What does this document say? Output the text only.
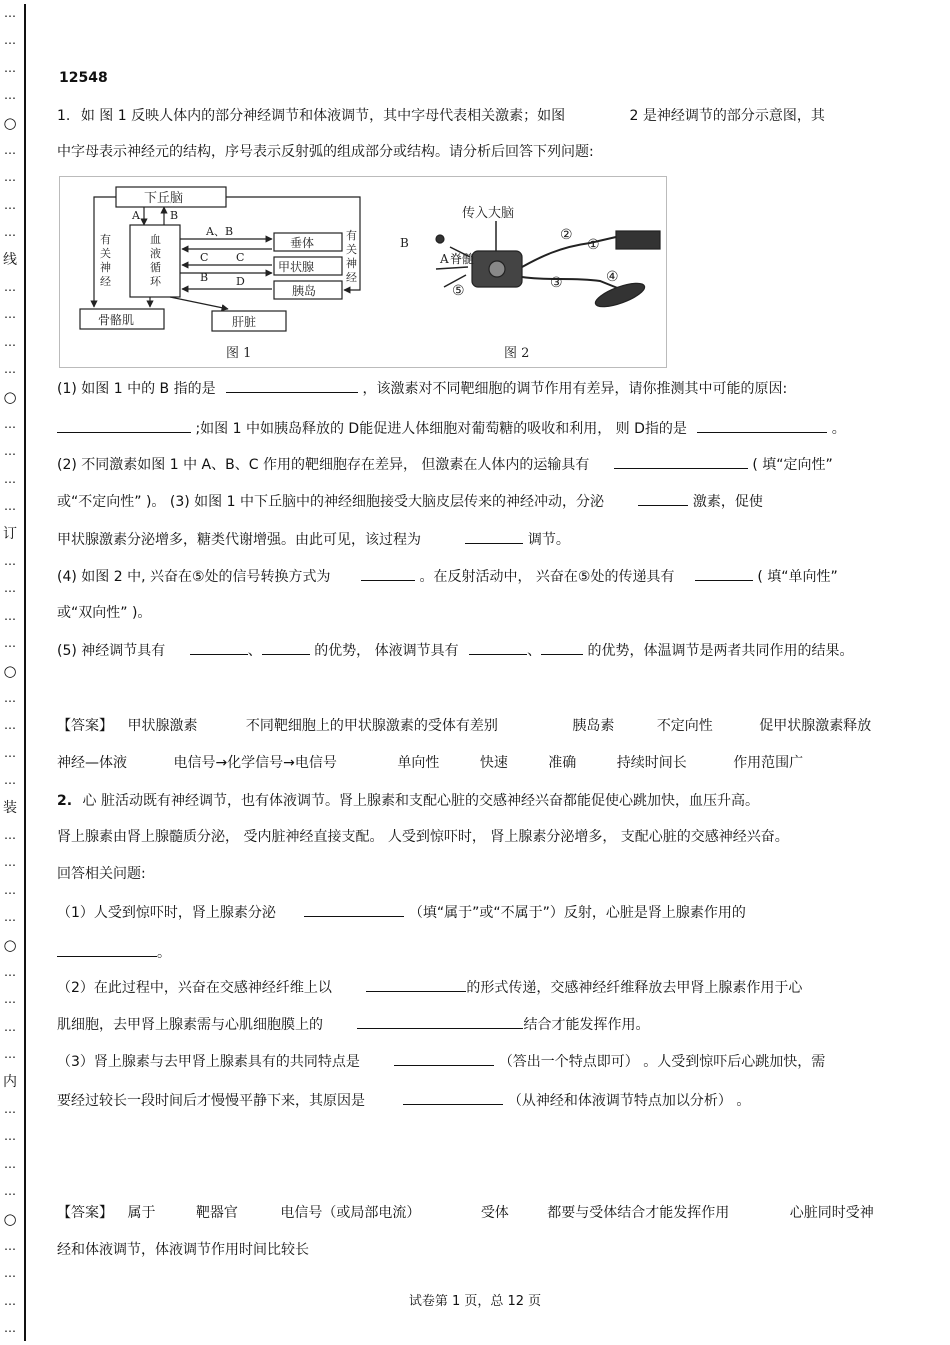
…
…
…
…
○
…
…
…
…
线
…
…
…
…
○
…
…
…
…
订
…
…
…
…
○
…
…
…
…
装
…
…
…
…
○
…
…
…
…
内
…
…
…
…
○
…
…
…
…
12548
1. 如 图 1 反映人体内的部分神经调节和体液调节，其中字母代表相关激素；如图	2 是神经调节的部分示意图，其
中字母表示神经元的结构，序号表示反射弧的组成部分或结构。请分析后回答下列问题:
下丘脑
血
液
循
环
A	B
垂体
甲状腺
胰岛
A、B
C	C
B	D
骨骼肌	肝脏
有
关
神
经
有
关
神
经
图 1
传入大脑
B
A 脊髓
①
②
③	④
⑤
图 2
(1) 如图 1 中的 B 指的是	，该激素对不同靶细胞的调节作用有差异，请你推测其中可能的原因:
;如图 1 中如胰岛释放的 D能促进人体细胞对葡萄糖的吸收和利用， 则 D指的是	。
(2) 不同激素如图 1 中 A、B、C 作用的靶细胞存在差异， 但激素在人体内的运输具有	( 填“定向性”
或“不定向性” )。 (3) 如图 1 中下丘脑中的神经细胞接受大脑皮层传来的神经冲动，分泌	激素，促使
甲状腺激素分泌增多，糖类代谢增强。由此可见，该过程为	调节。
(4) 如图 2 中, 兴奋在⑤处的信号转换方式为	。在反射活动中， 兴奋在⑤处的传递具有	( 填“单向性”
或“双向性” )。
(5) 神经调节具有	、	的优势， 体液调节具有	、	的优势，体温调节是两者共同作用的结果。
【答案】 甲状腺激素	不同靶细胞上的甲状腺激素的受体有差别	胰岛素	不定向性	促甲状腺激素释放
神经—体液	电信号→化学信号→电信号	单向性	快速	准确	持续时间长	作用范围广
2. 心 脏活动既有神经调节，也有体液调节。肾上腺素和支配心脏的交感神经兴奋都能促使心跳加快，血压升高。
肾上腺素由肾上腺髓质分泌， 受内脏神经直接支配。 人受到惊吓时， 肾上腺素分泌增多， 支配心脏的交感神经兴奋。
回答相关问题:
（1）人受到惊吓时，肾上腺素分泌	（填“属于”或“不属于”）反射，心脏是肾上腺素作用的
。
（2）在此过程中，兴奋在交感神经纤维上以	的形式传递，交感神经纤维释放去甲肾上腺素作用于心
肌细胞，去甲肾上腺素需与心肌细胞膜上的	结合才能发挥作用。
（3）肾上腺素与去甲肾上腺素具有的共同特点是	（答出一个特点即可） 。人受到惊吓后心跳加快，需
要经过较长一段时间后才慢慢平静下来，其原因是	（从神经和体液调节特点加以分析） 。
【答案】 属于	靶器官	电信号（或局部电流）	受体	都要与受体结合才能发挥作用	心脏同时受神
经和体液调节，体液调节作用时间比较长
试卷第 1 页，总 12 页
